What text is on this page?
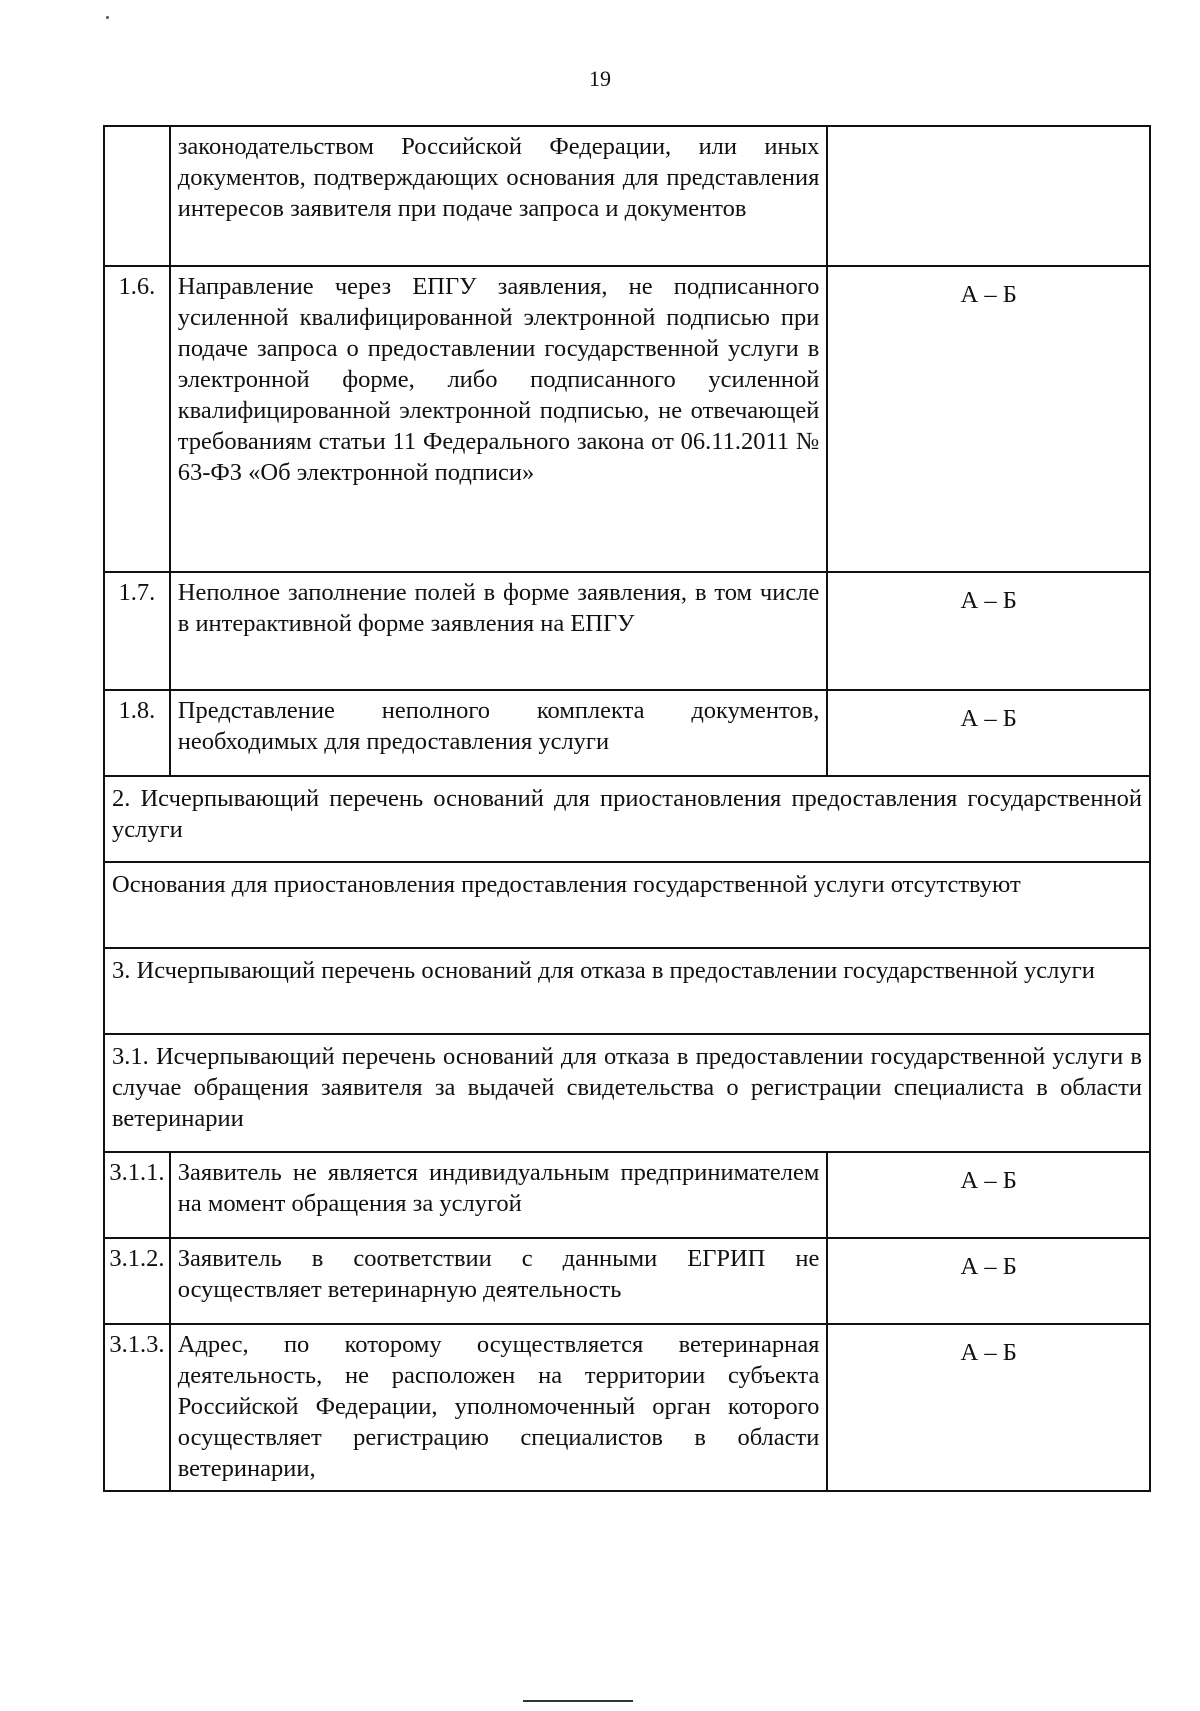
19
	законодательством Российской Федерации, или иных документов, подтверждающих основания для представления интересов заявителя при подаче запроса и документов	
1.6.	Направление через ЕПГУ заявления, не подписанного усиленной квалифицированной электронной подписью при подаче запроса о предоставлении государственной услуги в электронной форме, либо подписанного усиленной квалифицированной электронной подписью, не отвечающей требованиям статьи 11 Федерального закона от 06.11.2011 № 63-ФЗ «Об электронной подписи»	А – Б
1.7.	Неполное заполнение полей в форме заявления, в том числе в интерактивной форме заявления на ЕПГУ	А – Б
1.8.	Представление неполного комплекта документов, необходимых для предоставления услуги	А – Б
2. Исчерпывающий перечень оснований для приостановления предоставления государственной услуги		
Основания для приостановления предоставления государственной услуги отсутствуют		
3. Исчерпывающий перечень оснований для отказа в предоставлении государственной услуги		
3.1. Исчерпывающий перечень оснований для отказа в предоставлении государственной услуги в случае обращения заявителя за выдачей свидетельства о регистрации специалиста в области ветеринарии		
3.1.1.	Заявитель не является индивидуальным предпринимателем на момент обращения за услугой	А – Б
3.1.2.	Заявитель в соответствии с данными ЕГРИП не осуществляет ветеринарную деятельность	А – Б
3.1.3.	Адрес, по которому осуществляется ветеринарная деятельность, не расположен на территории субъекта Российской Федерации, уполномоченный орган которого осуществляет регистрацию специалистов в области ветеринарии,	А – Б
